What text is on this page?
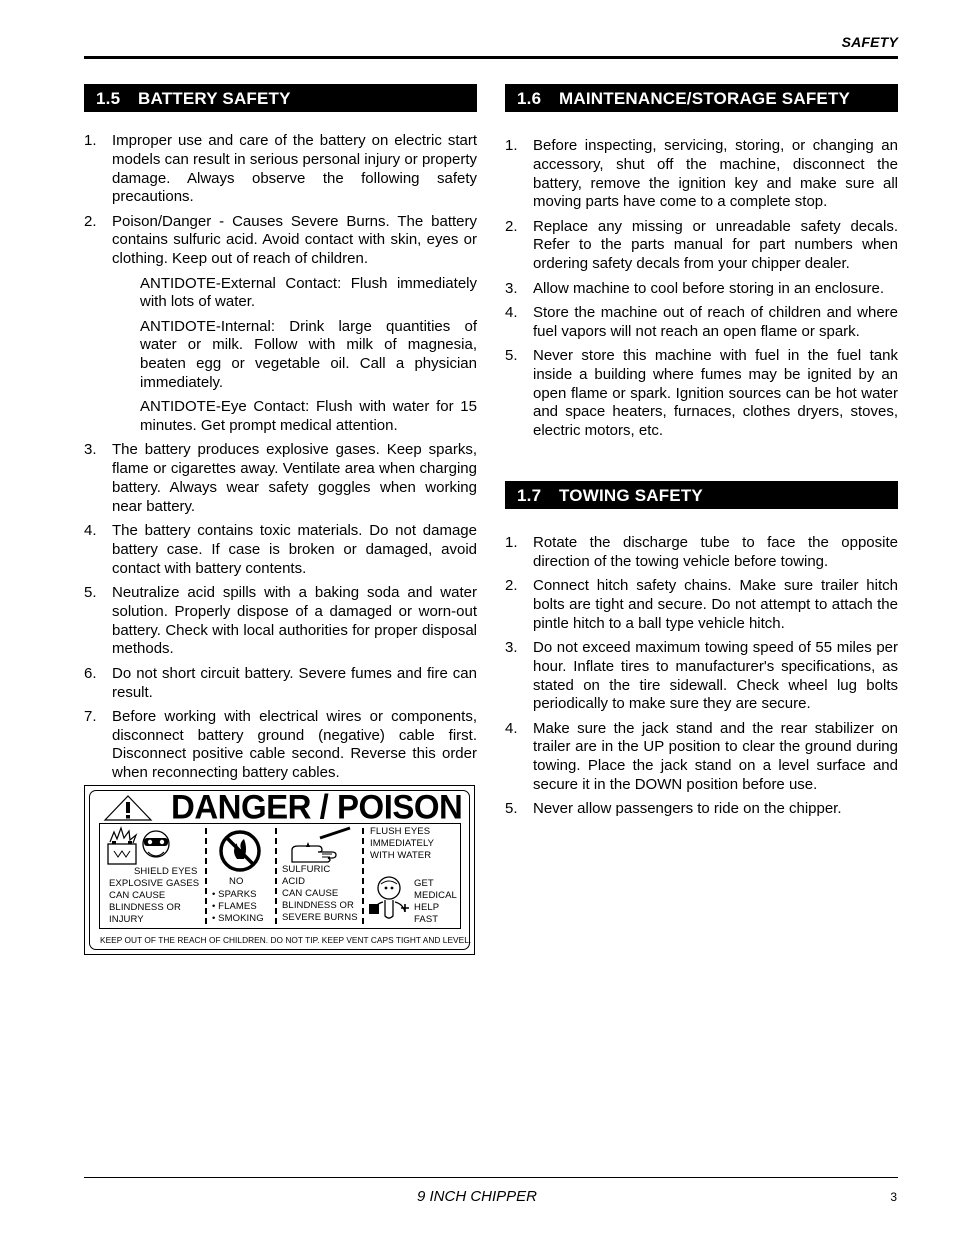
SAFETY
1.5 BATTERY SAFETY
1. Improper use and care of the battery on electric start models can result in serious personal injury or property damage. Always observe the following safety precautions.
2. Poison/Danger - Causes Severe Burns. The battery contains sulfuric acid. Avoid contact with skin, eyes or clothing. Keep out of reach of children.
ANTIDOTE-External Contact: Flush immediately with lots of water.
ANTIDOTE-Internal: Drink large quantities of water or milk. Follow with milk of magnesia, beaten egg or vegetable oil. Call a physician immediately.
ANTIDOTE-Eye Contact: Flush with water for 15 minutes. Get prompt medical attention.
3. The battery produces explosive gases. Keep sparks, flame or cigarettes away. Ventilate area when charging battery. Always wear safety goggles when working near battery.
4. The battery contains toxic materials. Do not damage battery case. If case is broken or damaged, avoid contact with battery contents.
5. Neutralize acid spills with a baking soda and water solution. Properly dispose of a damaged or worn-out battery. Check with local authorities for proper disposal methods.
6. Do not short circuit battery. Severe fumes and fire can result.
7. Before working with electrical wires or components, disconnect battery ground (negative) cable first. Disconnect positive cable second. Reverse this order when reconnecting battery cables.
DANGER / POISON
SHIELD EYES
EXPLOSIVE GASES
CAN CAUSE
BLINDNESS OR
INJURY
NO
• SPARKS
• FLAMES
• SMOKING
SULFURIC
ACID
CAN CAUSE
BLINDNESS OR
SEVERE BURNS
FLUSH EYES
IMMEDIATELY
WITH WATER
GET
MEDICAL
HELP
FAST
KEEP OUT OF THE REACH OF CHILDREN. DO NOT TIP. KEEP VENT CAPS TIGHT AND LEVEL.
1.6 MAINTENANCE/STORAGE SAFETY
1. Before inspecting, servicing, storing, or changing an accessory, shut off the machine, disconnect the battery, remove the ignition key and make sure all moving parts have come to a complete stop.
2. Replace any missing or unreadable safety decals. Refer to the parts manual for part numbers when ordering safety decals from your chipper dealer.
3. Allow machine to cool before storing in an enclosure.
4. Store the machine out of reach of children and where fuel vapors will not reach an open flame or spark.
5. Never store this machine with fuel in the fuel tank inside a building where fumes may be ignited by an open flame or spark. Ignition sources can be hot water and space heaters, furnaces, clothes dryers, stoves, electric motors, etc.
1.7 TOWING SAFETY
1. Rotate the discharge tube to face the opposite direction of the towing vehicle before towing.
2. Connect hitch safety chains. Make sure trailer hitch bolts are tight and secure. Do not attempt to attach the pintle hitch to a ball type vehicle hitch.
3. Do not exceed maximum towing speed of 55 miles per hour. Inflate tires to manufacturer's specifications, as stated on the tire sidewall. Check wheel lug bolts periodically to make sure they are secure.
4. Make sure the jack stand and the rear stabilizer on trailer are in the UP position to clear the ground during towing. Place the jack stand on a level surface and secure it in the DOWN position before use.
5. Never allow passengers to ride on the chipper.
9 INCH CHIPPER	3
